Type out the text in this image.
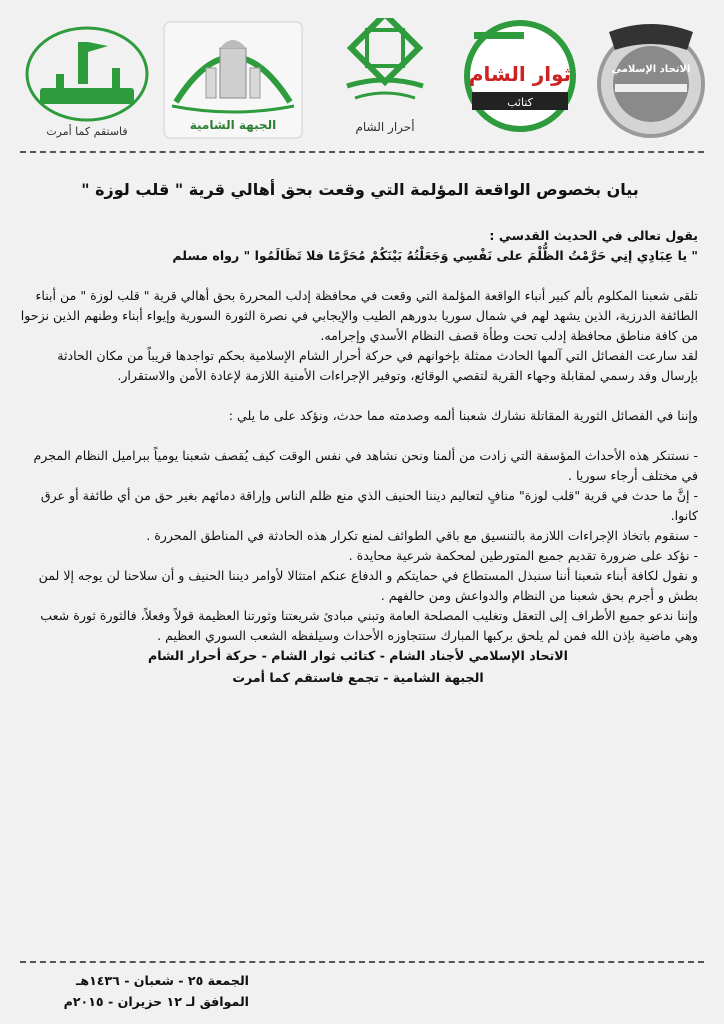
فاستقم كما أمرت	الجبهة الشامية	أحرار الشام
كتائب
ثوار الشام	الاتحاد الإسلامي
بيان بخصوص الواقعة المؤلمة التي وقعت بحق أهالي قرية " قلب لوزة "

يقول تعالى في الحديث القدسي :

" يا عِبَادِي إنِي حَرَّمْتُ الظُّلْمَ على نَفْسِي وَجَعَلْتُهُ بَيْنَكُمْ مُحَرَّمًا فلا تَظَالَمُوا " رواه مسلم

تلقى شعبنا المكلوم بألم كبير أنباء الواقعة المؤلمة التي وقعت في محافظة إدلب المحررة بحق أهالي قرية " قلب لوزة " من أبناء الطائفة الدرزية، الذين يشهد لهم في شمال سوريا بدورهم الطيب والإيجابي في نصرة الثورة السورية وإيواء أبناء وطنهم الذين نزحوا من كافة مناطق محافظة إدلب تحت وطأة قصف النظام الأسدي وإجرامه.

لقد سارعت الفصائل التي آلمها الحادث ممثلة بإخوانهم في حركة أحرار الشام الإسلامية بحكم تواجدها قريباً من مكان الحادثة بإرسال وفد رسمي لمقابلة وجهاء القرية لتقصي الوقائع، وتوفير الإجراءات الأمنية اللازمة لإعادة الأمن والاستقرار.

وإننا في الفصائل الثورية المقاتلة نشارك شعبنا ألمه وصدمته مما حدث، ونؤكد على ما يلي :

- نستنكر هذه الأحداث المؤسفة التي زادت من ألمنا ونحن نشاهد في نفس الوقت كيف يُقصف شعبنا يومياً ببراميل النظام المجرم في مختلف أرجاء سوريا .

- إنَّ ما حدث في قرية "قلب لوزة" منافٍ لتعاليم ديننا الحنيف الذي منع ظلم الناس وإراقة دمائهم بغير حق من أي طائفة أو عرق كانوا.

- سنقوم باتخاذ الإجراءات اللازمة بالتنسيق مع باقي الطوائف لمنع تكرار هذه الحادثة في المناطق المحررة .

- نؤكد على ضرورة تقديم جميع المتورطين لمحكمة شرعية محايدة .

و نقول لكافة أبناء شعبنا أننا سنبذل المستطاع في حمايتكم و الدفاع عنكم امتثالا لأوامر ديننا الحنيف و أن سلاحنا لن يوجه إلا لمن بطش و أجرم بحق شعبنا من النظام والدواعش ومن حالفهم .

وإننا ندعو جميع الأطراف إلى التعقل وتغليب المصلحة العامة وتبني مبادئ شريعتنا وثورتنا العظيمة قولاً وفعلاً، فالثورة ثورة شعب وهي ماضية بإذن الله فمن لم يلحق بركبها المبارك ستتجاوزه الأحداث وسيلفظه الشعب السوري العظيم .

الاتحاد الإسلامي لأجناد الشام - كتائب ثوار الشام - حركة أحرار الشام

الجبهة الشامية - تجمع فاستقم كما أمرت

الجمعة ٢٥ - شعبان - ١٤٣٦هـ

الموافق لـ ١٢ حزيران - ٢٠١٥م
